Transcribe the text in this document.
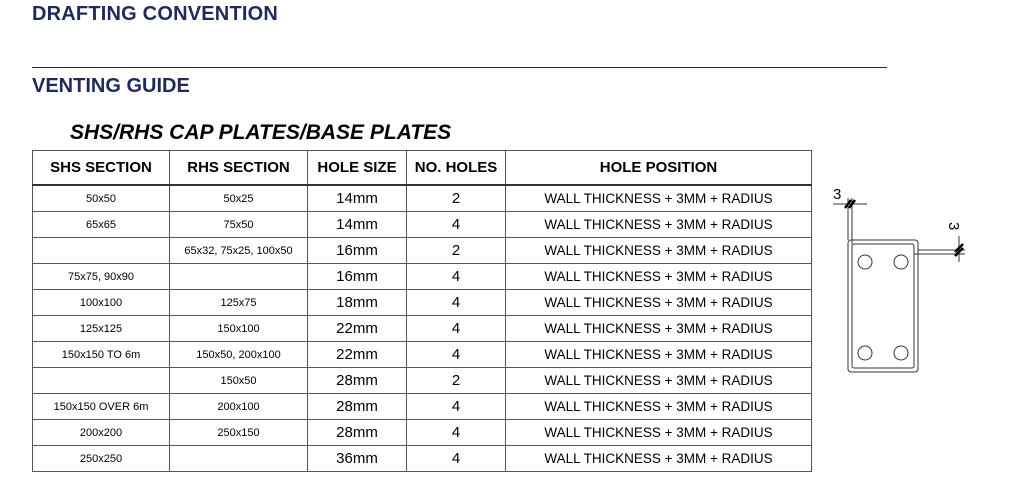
DRAFTING CONVENTION
VENTING GUIDE
SHS/RHS CAP PLATES/BASE PLATES
SHS SECTION	RHS SECTION	HOLE SIZE	NO. HOLES	HOLE POSITION
50x50	50x25	14mm	2	WALL THICKNESS + 3MM + RADIUS
65x65	75x50	14mm	4	WALL THICKNESS + 3MM + RADIUS
	65x32, 75x25, 100x50	16mm	2	WALL THICKNESS + 3MM + RADIUS
75x75, 90x90		16mm	4	WALL THICKNESS + 3MM + RADIUS
100x100	125x75	18mm	4	WALL THICKNESS + 3MM + RADIUS
125x125	150x100	22mm	4	WALL THICKNESS + 3MM + RADIUS
150x150 TO 6m	150x50, 200x100	22mm	4	WALL THICKNESS + 3MM + RADIUS
	150x50	28mm	2	WALL THICKNESS + 3MM + RADIUS
150x150 OVER 6m	200x100	28mm	4	WALL THICKNESS + 3MM + RADIUS
200x200	250x150	28mm	4	WALL THICKNESS + 3MM + RADIUS
250x250		36mm	4	WALL THICKNESS + 3MM + RADIUS
3
3
